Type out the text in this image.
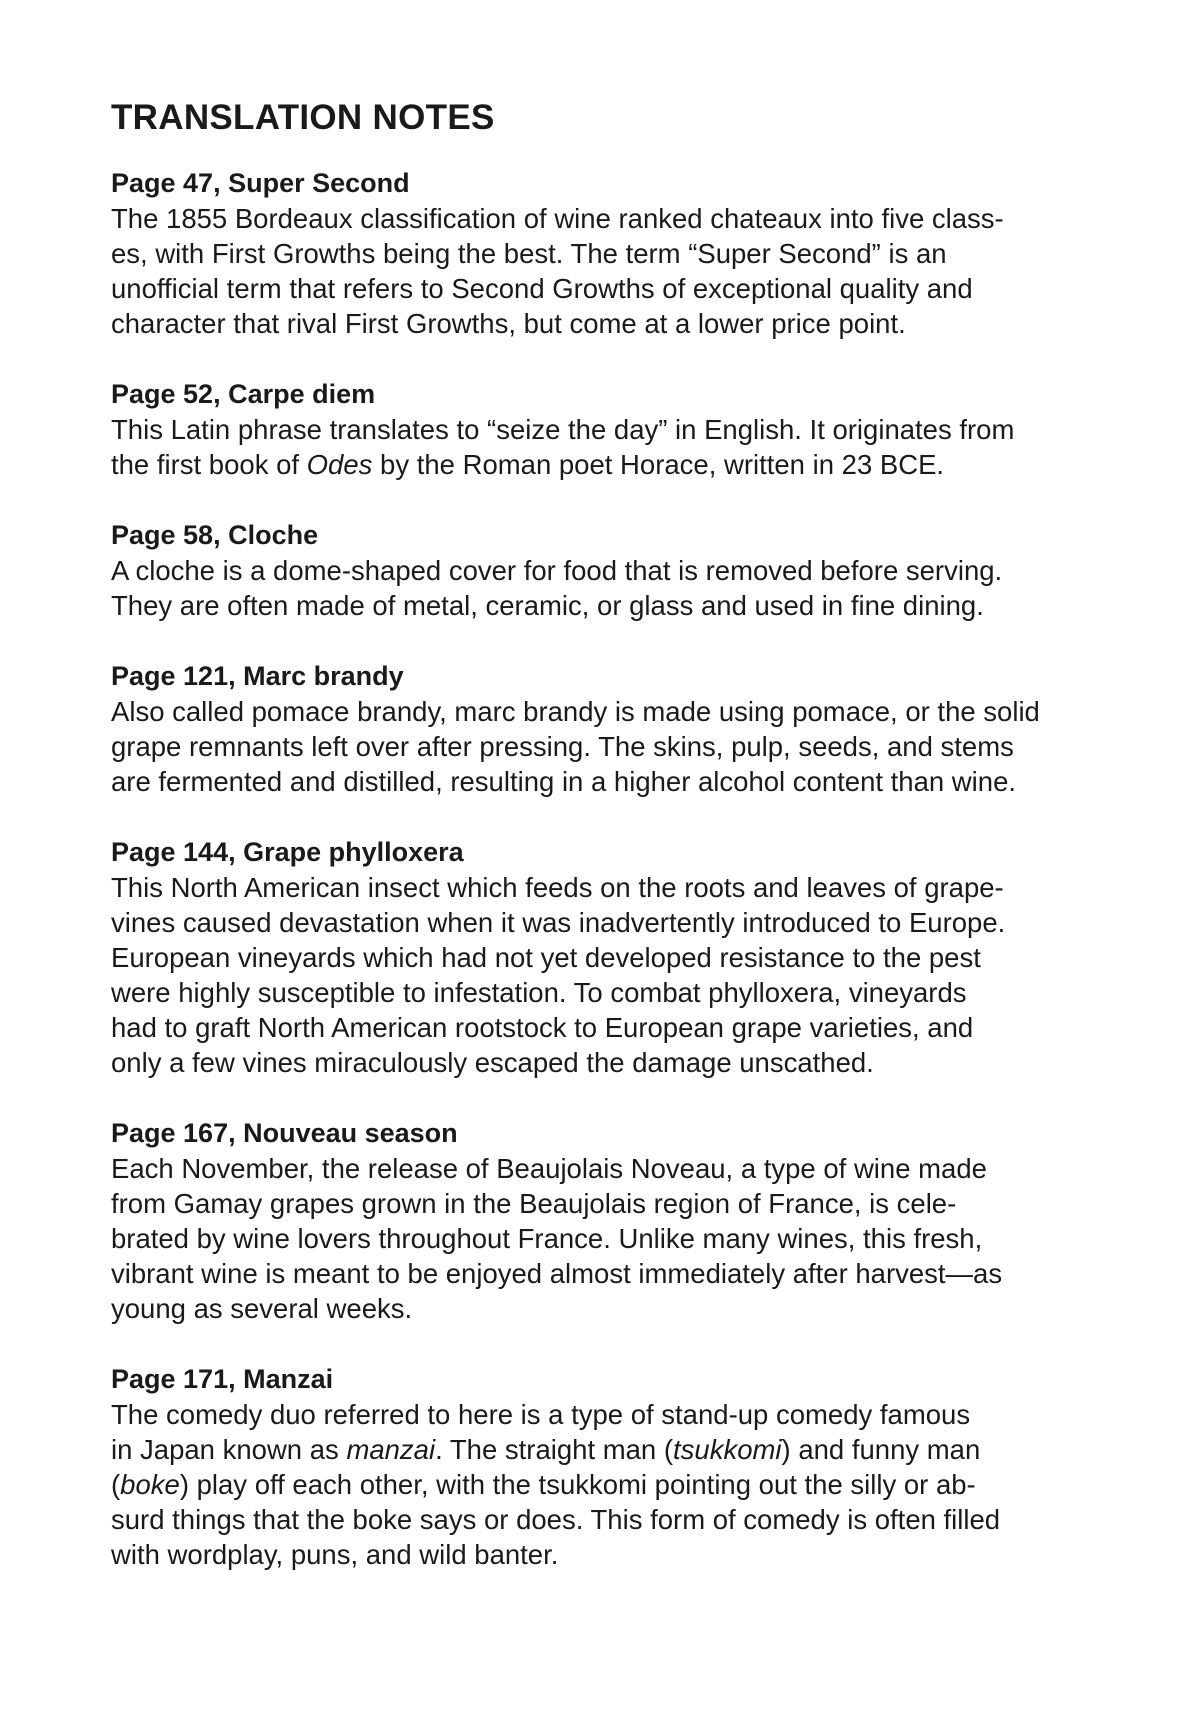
TRANSLATION NOTES
Page 47, Super Second

The 1855 Bordeaux classification of wine ranked chateaux into five class-
es, with First Growths being the best. The term “Super Second” is an
unofficial term that refers to Second Growths of exceptional quality and
character that rival First Growths, but come at a lower price point.

Page 52, Carpe diem

This Latin phrase translates to “seize the day” in English. It originates from
the first book of Odes by the Roman poet Horace, written in 23 BCE.

Page 58, Cloche

A cloche is a dome-shaped cover for food that is removed before serving.
They are often made of metal, ceramic, or glass and used in fine dining.

Page 121, Marc brandy

Also called pomace brandy, marc brandy is made using pomace, or the solid
grape remnants left over after pressing. The skins, pulp, seeds, and stems
are fermented and distilled, resulting in a higher alcohol content than wine.

Page 144, Grape phylloxera

This North American insect which feeds on the roots and leaves of grape-
vines caused devastation when it was inadvertently introduced to Europe.
European vineyards which had not yet developed resistance to the pest
were highly susceptible to infestation. To combat phylloxera, vineyards
had to graft North American rootstock to European grape varieties, and
only a few vines miraculously escaped the damage unscathed.

Page 167, Nouveau season

Each November, the release of Beaujolais Noveau, a type of wine made
from Gamay grapes grown in the Beaujolais region of France, is cele-
brated by wine lovers throughout France. Unlike many wines, this fresh,
vibrant wine is meant to be enjoyed almost immediately after harvest—as
young as several weeks.

Page 171, Manzai

The comedy duo referred to here is a type of stand-up comedy famous
in Japan known as manzai. The straight man (tsukkomi) and funny man
(boke) play off each other, with the tsukkomi pointing out the silly or ab-
surd things that the boke says or does. This form of comedy is often filled
with wordplay, puns, and wild banter.
